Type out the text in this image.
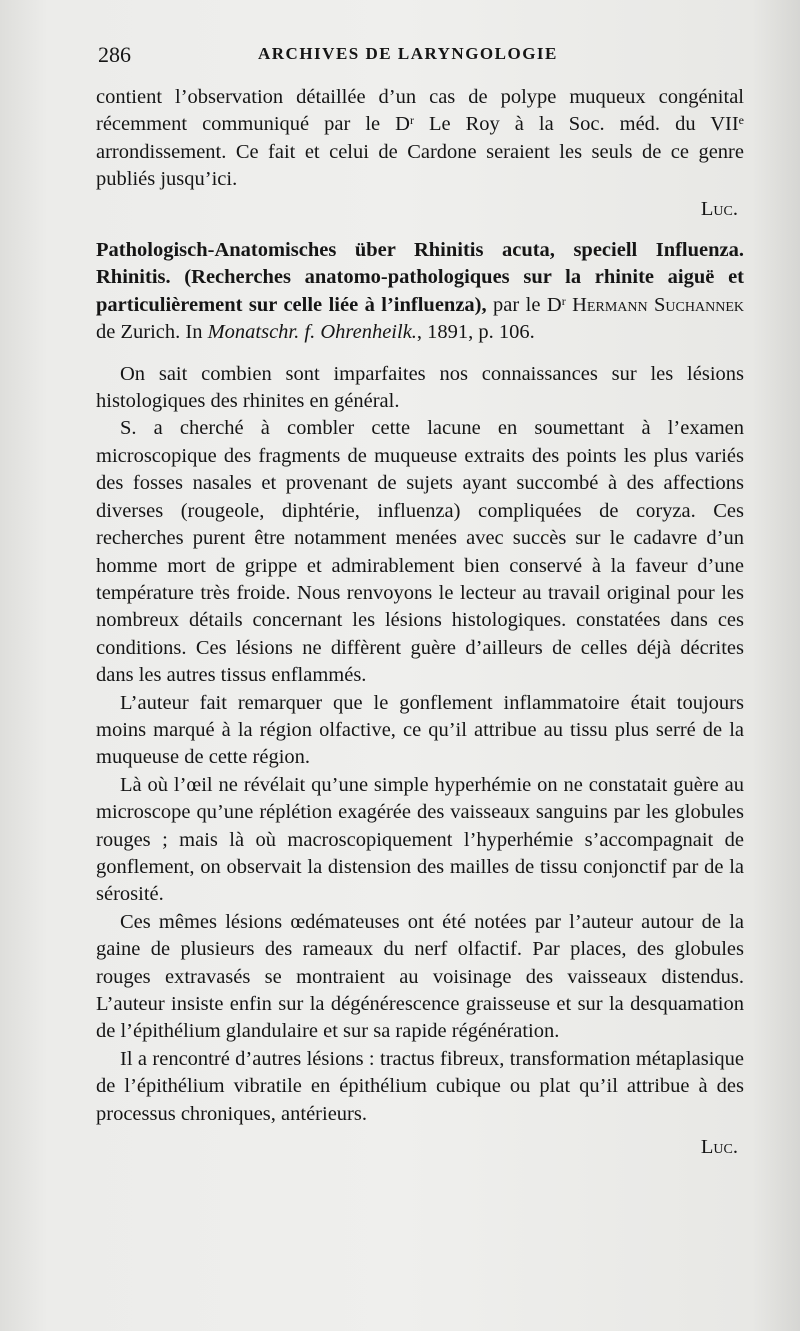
286	ARCHIVES DE LARYNGOLOGIE

contient l’observation détaillée d’un cas de polype muqueux congénital récemment communiqué par le $D^r$ Le Roy à la Soc. méd. du VIIe arrondissement. Ce fait et celui de Cardone seraient les seuls de ce genre publiés jusqu’ici.

Luc.

Pathologisch-Anatomisches über Rhinitis acuta, speciell Influenza. Rhinitis. (Recherches anatomo-pathologiques sur la rhinite aiguë et particulièrement sur celle liée à l’influenza), par le $D^r$ Hermann Suchannek de Zurich. In Monatschr. f. Ohrenheilk., 1891, p. 106.

On sait combien sont imparfaites nos connaissances sur les lésions histologiques des rhinites en général.

S. a cherché à combler cette lacune en soumettant à l’examen microscopique des fragments de muqueuse extraits des points les plus variés des fosses nasales et provenant de sujets ayant succombé à des affections diverses (rougeole, diphtérie, influenza) compliquées de coryza. Ces recherches purent être notamment menées avec succès sur le cadavre d’un homme mort de grippe et admirablement bien conservé à la faveur d’une température très froide. Nous renvoyons le lecteur au travail original pour les nombreux détails concernant les lésions histologiques. constatées dans ces conditions. Ces lésions ne diffèrent guère d’ailleurs de celles déjà décrites dans les autres tissus enflammés.

L’auteur fait remarquer que le gonflement inflammatoire était toujours moins marqué à la région olfactive, ce qu’il attribue au tissu plus serré de la muqueuse de cette région.

Là où l’œil ne révélait qu’une simple hyperhémie on ne constatait guère au microscope qu’une réplétion exagérée des vaisseaux sanguins par les globules rouges ; mais là où macroscopiquement l’hyperhémie s’accompagnait de gonflement, on observait la distension des mailles de tissu conjonctif par de la sérosité.

Ces mêmes lésions œdémateuses ont été notées par l’auteur autour de la gaine de plusieurs des rameaux du nerf olfactif. Par places, des globules rouges extravasés se montraient au voisinage des vaisseaux distendus. L’auteur insiste enfin sur la dégénérescence graisseuse et sur la desquamation de l’épithélium glandulaire et sur sa rapide régénération.

Il a rencontré d’autres lésions : tractus fibreux, transformation métaplasique de l’épithélium vibratile en épithélium cubique ou plat qu’il attribue à des processus chroniques, antérieurs.

Luc.
